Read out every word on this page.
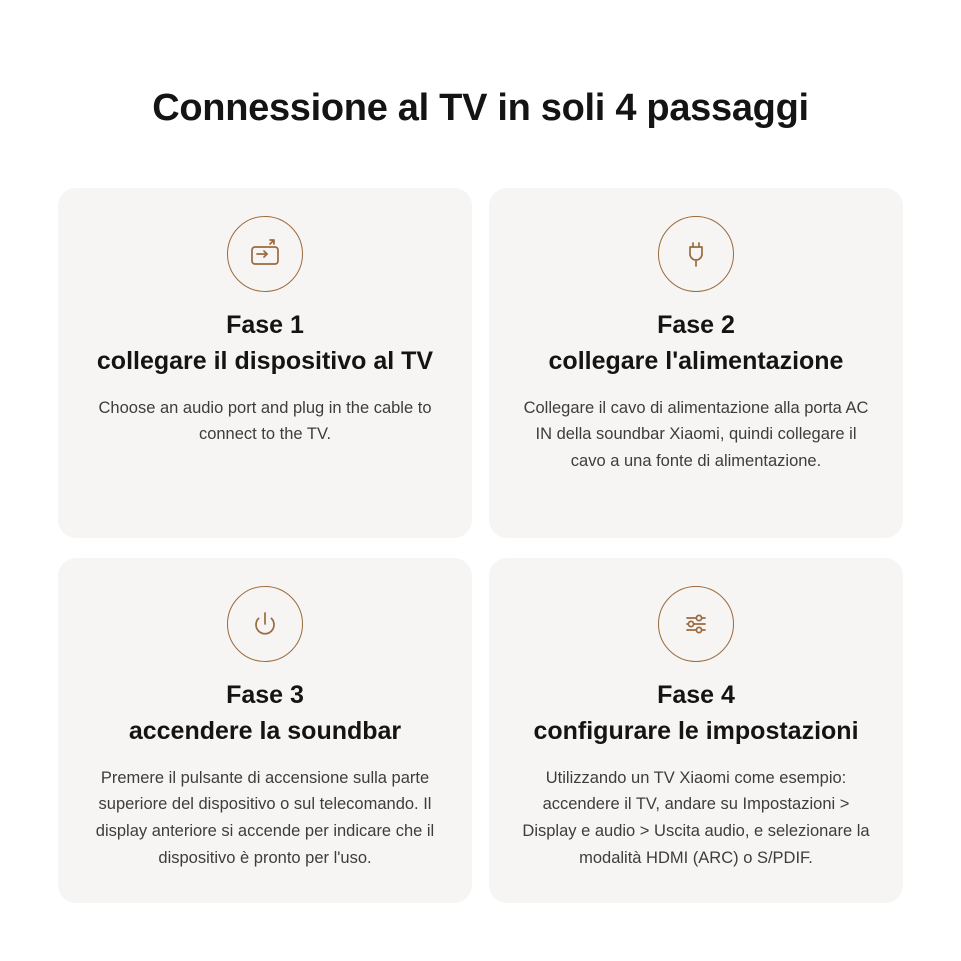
Connessione al TV in soli 4 passaggi

Fase 1

collegare il dispositivo al TV

Choose an audio port and plug in the cable to connect to the TV.

Fase 2

collegare l'alimentazione

Collegare il cavo di alimentazione alla porta AC IN della soundbar Xiaomi, quindi collegare il cavo a una fonte di alimentazione.

Fase 3

accendere la soundbar

Premere il pulsante di accensione sulla parte superiore del dispositivo o sul telecomando. Il display anteriore si accende per indicare che il dispositivo è pronto per l'uso.

Fase 4

configurare le impostazioni

Utilizzando un TV Xiaomi come esempio: accendere il TV, andare su Impostazioni > Display e audio > Uscita audio, e selezionare la modalità HDMI (ARC) o S/PDIF.
